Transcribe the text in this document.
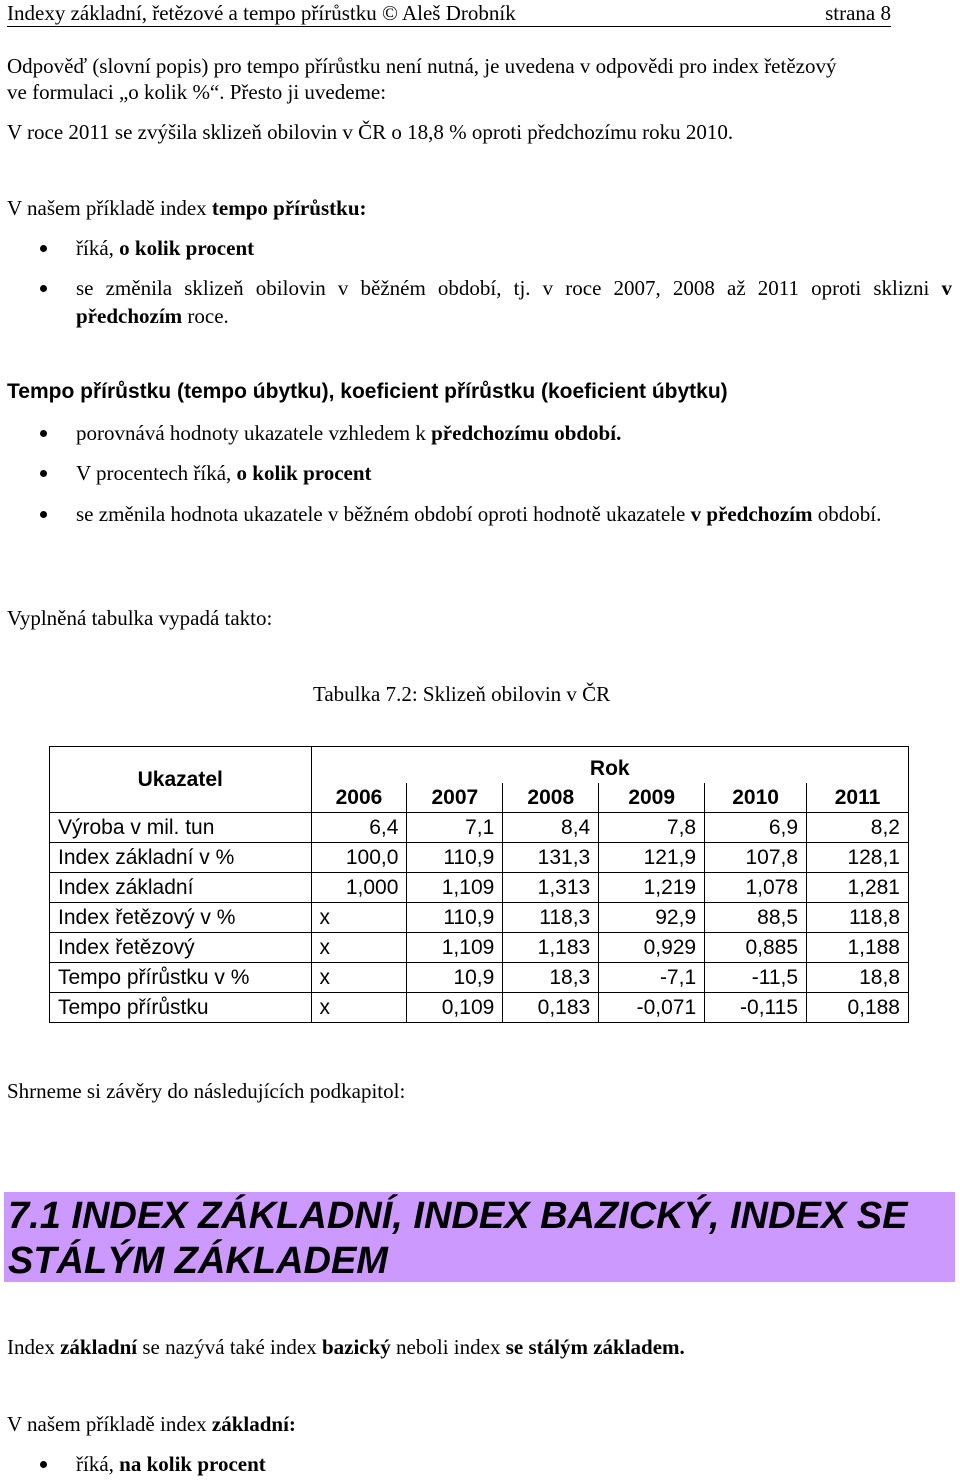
Indexy základní, řetězové a tempo přírůstku © Aleš Drobník	strana 8
Odpověď (slovní popis) pro tempo přírůstku není nutná, je uvedena v odpovědi pro index řetězový
ve formulaci „o kolik %“. Přesto ji uvedeme:
V roce 2011 se zvýšila sklizeň obilovin v ČR o 18,8 % oproti předchozímu roku 2010.
V našem příkladě index tempo přírůstku:
říká, o kolik procent
se změnila sklizeň obilovin v běžném období, tj. v roce 2007, 2008 až 2011 oproti sklizni v předchozím roce.
Tempo přírůstku (tempo úbytku), koeficient přírůstku (koeficient úbytku)
porovnává hodnoty ukazatele vzhledem k předchozímu období.
V procentech říká, o kolik procent
se změnila hodnota ukazatele v běžném období oproti hodnotě ukazatele v předchozím období.
Vyplněná tabulka vypadá takto:
Tabulka 7.2: Sklizeň obilovin v ČR
Ukazatel	Rok					
	2006	2007	2008	2009	2010	2011
Výroba v mil. tun	6,4	7,1	8,4	7,8	6,9	8,2
Index základní v %	100,0	110,9	131,3	121,9	107,8	128,1
Index základní	1,000	1,109	1,313	1,219	1,078	1,281
Index řetězový v %	x	110,9	118,3	92,9	88,5	118,8
Index řetězový	x	1,109	1,183	0,929	0,885	1,188
Tempo přírůstku v %	x	10,9	18,3	-7,1	-11,5	18,8
Tempo přírůstku	x	0,109	0,183	-0,071	-0,115	0,188
Shrneme si závěry do následujících podkapitol:
7.1 INDEX ZÁKLADNÍ, INDEX BAZICKÝ, INDEX SE
STÁLÝM ZÁKLADEM
Index základní se nazývá také index bazický neboli index se stálým základem.
V našem příkladě index základní:
říká, na kolik procent
